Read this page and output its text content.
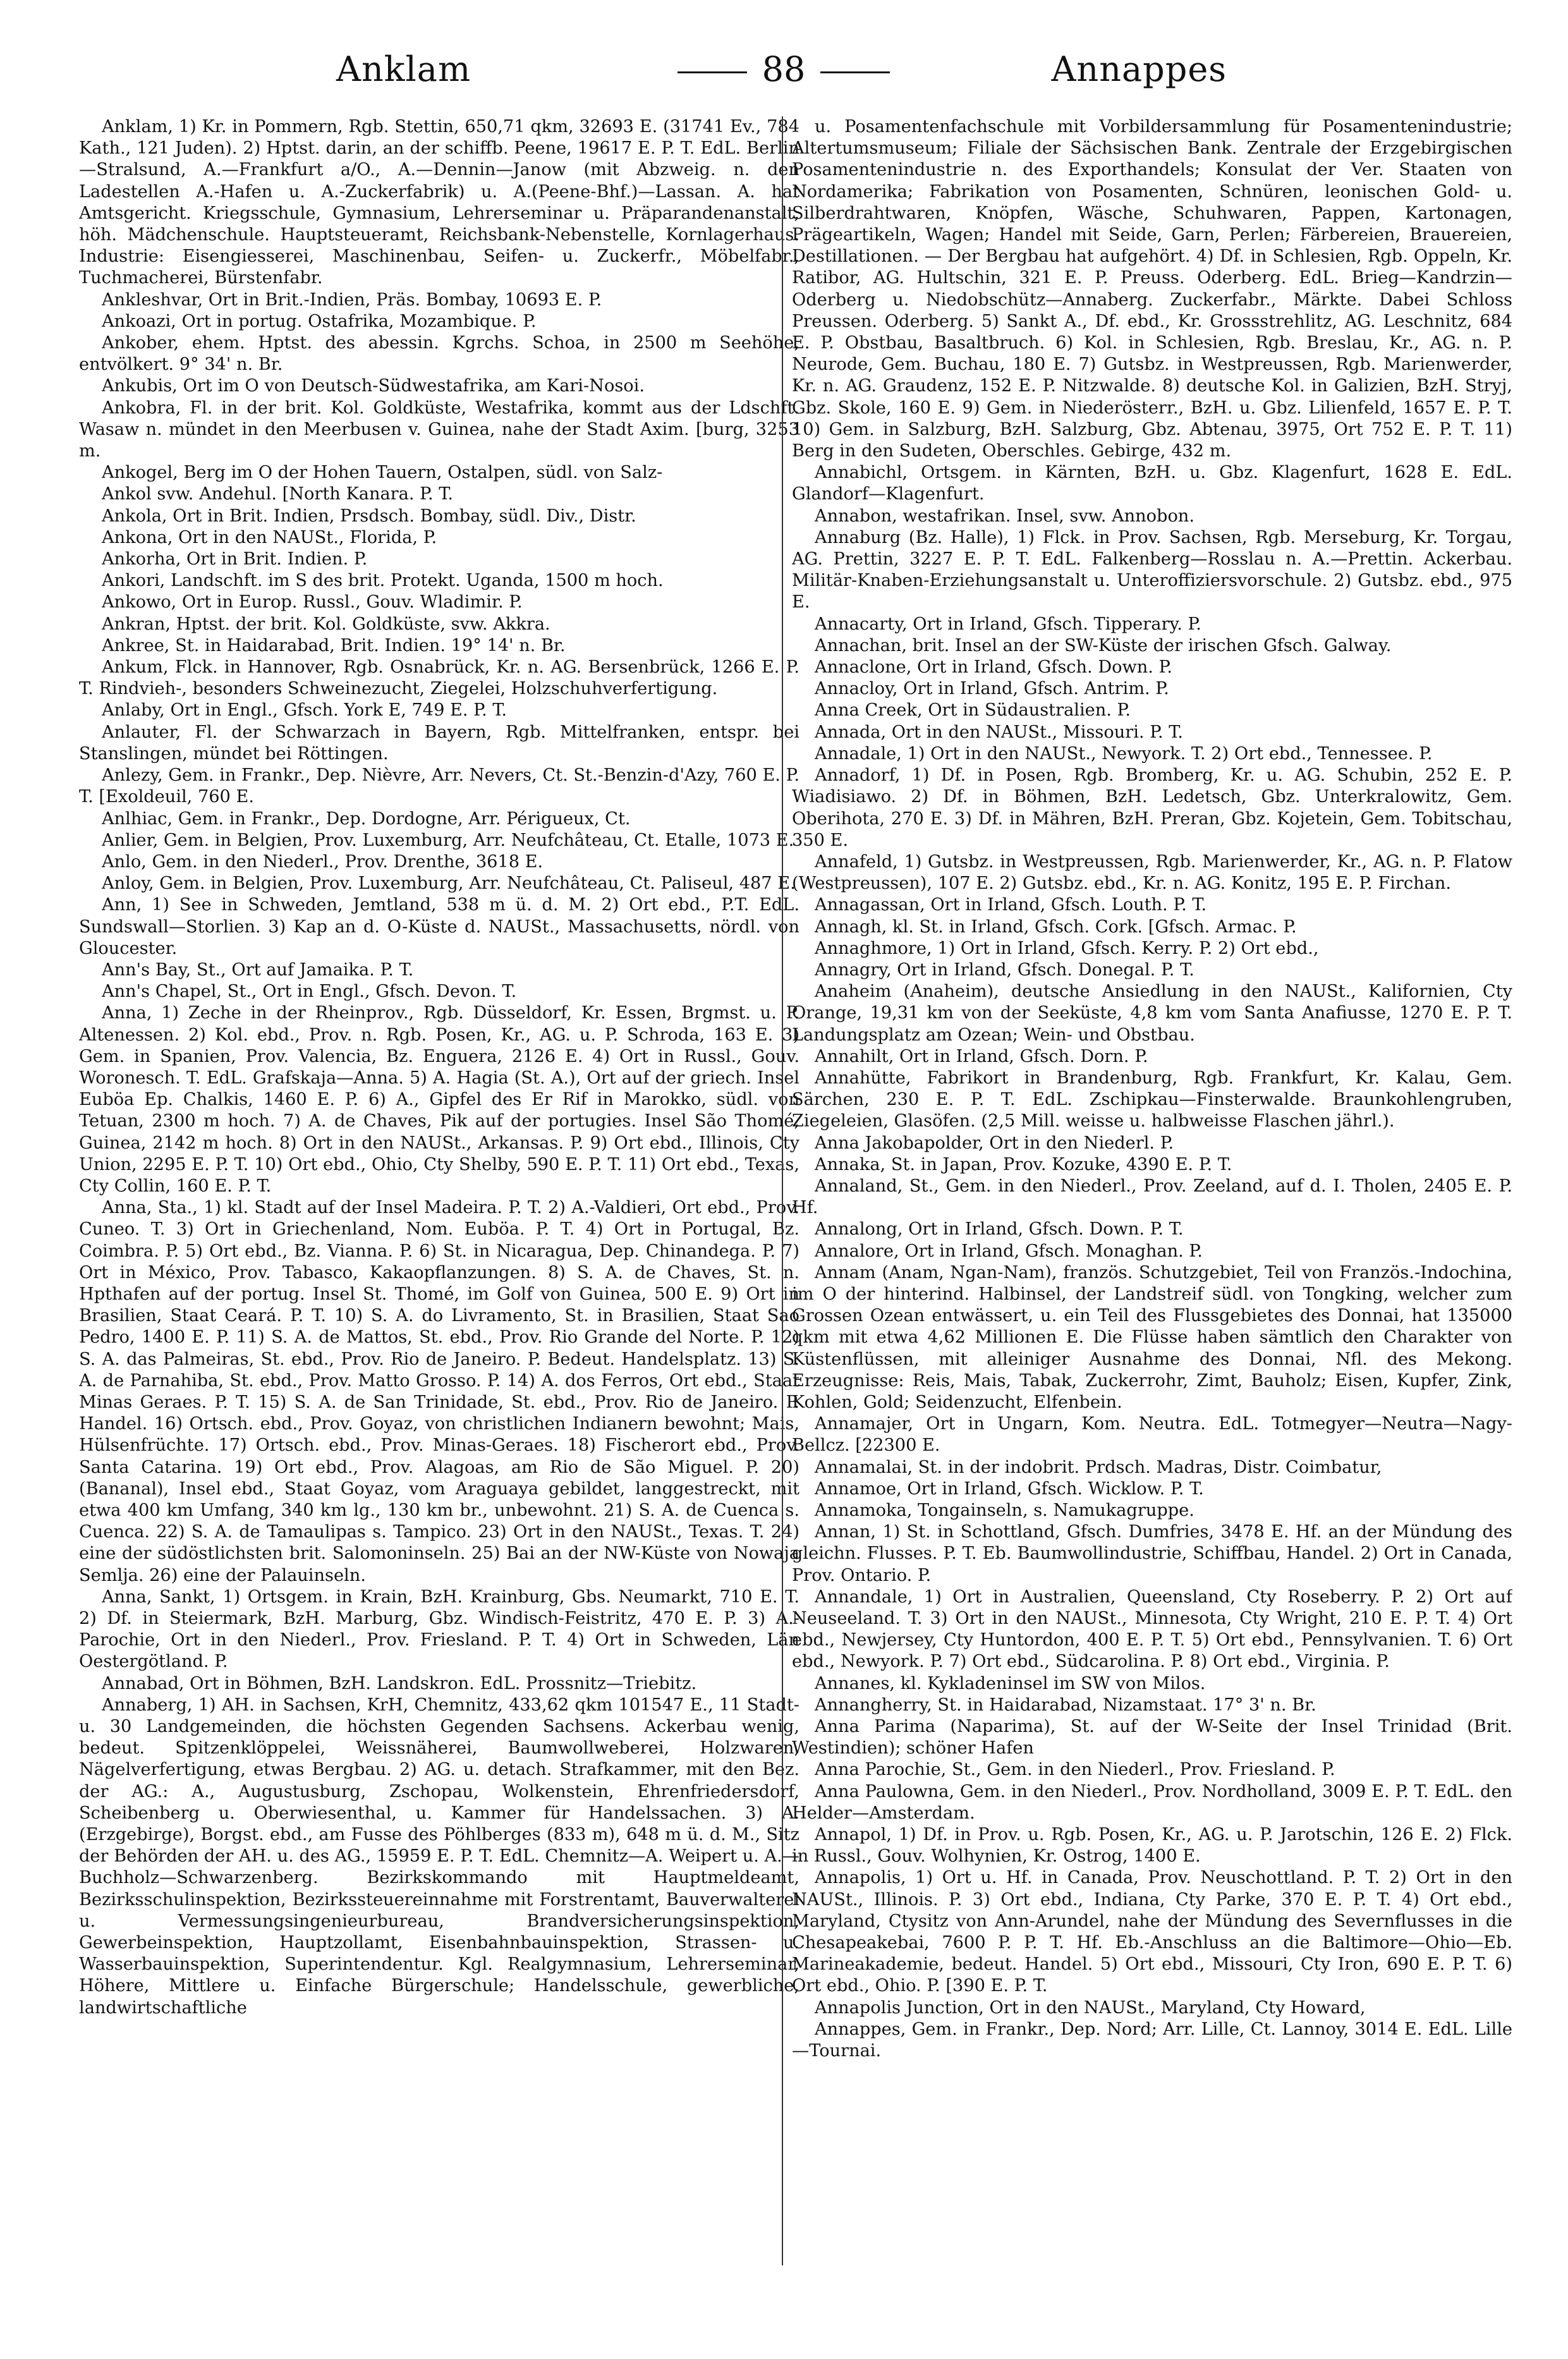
Anklam	88	Annappes

Anklam, 1) Kr. in Pommern, Rgb. Stettin, 650,71 qkm, 32693 E. (31741 Ev., 784 Kath., 121 Juden). 2) Hptst. darin, an der schiffb. Peene, 19617 E. P. T. EdL. Berlin—Stralsund, A.—Frankfurt a/O., A.—Dennin—Janow (mit Abzweig. n. den Ladestellen A.-Hafen u. A.-Zuckerfabrik) u. A.(Peene-Bhf.)—Lassan. A. hat Amtsgericht. Kriegsschule, Gymnasium, Lehrerseminar u. Präparandenanstalt, höh. Mädchenschule. Hauptsteueramt, Reichsbank-Nebenstelle, Kornlagerhaus. Industrie: Eisengiesserei, Maschinenbau, Seifen- u. Zuckerfr., Möbelfabr., Tuchmacherei, Bürstenfabr.

Ankleshvar, Ort in Brit.-Indien, Präs. Bombay, 10693 E. P.

Ankoazi, Ort in portug. Ostafrika, Mozambique. P.

Ankober, ehem. Hptst. des abessin. Kgrchs. Schoa, in 2500 m Seehöhe, entvölkert. 9° 34' n. Br.

Ankubis, Ort im O von Deutsch-Südwestafrika, am Kari-Nosoi.

Ankobra, Fl. in der brit. Kol. Goldküste, Westafrika, kommt aus der Ldschft. Wasaw n. mündet in den Meerbusen v. Guinea, nahe der Stadt Axim. [burg, 3253 m.

Ankogel, Berg im O der Hohen Tauern, Ostalpen, südl. von Salz-

Ankol svw. Andehul. [North Kanara. P. T.

Ankola, Ort in Brit. Indien, Prsdsch. Bombay, südl. Div., Distr.

Ankona, Ort in den NAUSt., Florida, P.

Ankorha, Ort in Brit. Indien. P.

Ankori, Landschft. im S des brit. Protekt. Uganda, 1500 m hoch.

Ankowo, Ort in Europ. Russl., Gouv. Wladimir. P.

Ankran, Hptst. der brit. Kol. Goldküste, svw. Akkra.

Ankree, St. in Haidarabad, Brit. Indien. 19° 14' n. Br.

Ankum, Flck. in Hannover, Rgb. Osnabrück, Kr. n. AG. Bersenbrück, 1266 E. P. T. Rindvieh-, besonders Schweinezucht, Ziegelei, Holzschuhverfertigung.

Anlaby, Ort in Engl., Gfsch. York E, 749 E. P. T.

Anlauter, Fl. der Schwarzach in Bayern, Rgb. Mittelfranken, entspr. bei Stanslingen, mündet bei Röttingen.

Anlezy, Gem. in Frankr., Dep. Nièvre, Arr. Nevers, Ct. St.-Benzin-d'Azy, 760 E. P. T. [Exoldeuil, 760 E.

Anlhiac, Gem. in Frankr., Dep. Dordogne, Arr. Périgueux, Ct.

Anlier, Gem. in Belgien, Prov. Luxemburg, Arr. Neufchâteau, Ct. Etalle, 1073 E.

Anlo, Gem. in den Niederl., Prov. Drenthe, 3618 E.

Anloy, Gem. in Belgien, Prov. Luxemburg, Arr. Neufchâteau, Ct. Paliseul, 487 E.

Ann, 1) See in Schweden, Jemtland, 538 m ü. d. M. 2) Ort ebd., P.T. EdL. Sundswall—Storlien. 3) Kap an d. O-Küste d. NAUSt., Massachusetts, nördl. von Gloucester.

Ann's Bay, St., Ort auf Jamaika. P. T.

Ann's Chapel, St., Ort in Engl., Gfsch. Devon. T.

Anna, 1) Zeche in der Rheinprov., Rgb. Düsseldorf, Kr. Essen, Brgmst. u. P. Altenessen. 2) Kol. ebd., Prov. n. Rgb. Posen, Kr., AG. u. P. Schroda, 163 E. 3) Gem. in Spanien, Prov. Valencia, Bz. Enguera, 2126 E. 4) Ort in Russl., Gouv. Woronesch. T. EdL. Grafskaja—Anna. 5) A. Hagia (St. A.), Ort auf der griech. Insel Euböa Ep. Chalkis, 1460 E. P. 6) A., Gipfel des Er Rif in Marokko, südl. von Tetuan, 2300 m hoch. 7) A. de Chaves, Pik auf der portugies. Insel São Thomé, Guinea, 2142 m hoch. 8) Ort in den NAUSt., Arkansas. P. 9) Ort ebd., Illinois, Cty Union, 2295 E. P. T. 10) Ort ebd., Ohio, Cty Shelby, 590 E. P. T. 11) Ort ebd., Texas, Cty Collin, 160 E. P. T.

Anna, Sta., 1) kl. Stadt auf der Insel Madeira. P. T. 2) A.-Valdieri, Ort ebd., Prov. Cuneo. T. 3) Ort in Griechenland, Nom. Euböa. P. T. 4) Ort in Portugal, Bz. Coimbra. P. 5) Ort ebd., Bz. Vianna. P. 6) St. in Nicaragua, Dep. Chinandega. P. 7) Ort in México, Prov. Tabasco, Kakaopflanzungen. 8) S. A. de Chaves, St. n. Hpthafen auf der portug. Insel St. Thomé, im Golf von Guinea, 500 E. 9) Ort in Brasilien, Staat Ceará. P. T. 10) S. A. do Livramento, St. in Brasilien, Staat Sao Pedro, 1400 E. P. 11) S. A. de Mattos, St. ebd., Prov. Rio Grande del Norte. P. 12) S. A. das Palmeiras, St. ebd., Prov. Rio de Janeiro. P. Bedeut. Handelsplatz. 13) S. A. de Parnahiba, St. ebd., Prov. Matto Grosso. P. 14) A. dos Ferros, Ort ebd., Staat Minas Geraes. P. T. 15) S. A. de San Trinidade, St. ebd., Prov. Rio de Janeiro. P. Handel. 16) Ortsch. ebd., Prov. Goyaz, von christlichen Indianern bewohnt; Mais, Hülsenfrüchte. 17) Ortsch. ebd., Prov. Minas-Geraes. 18) Fischerort ebd., Prov. Santa Catarina. 19) Ort ebd., Prov. Alagoas, am Rio de São Miguel. P. 20) (Bananal), Insel ebd., Staat Goyaz, vom Araguaya gebildet, langgestreckt, mit etwa 400 km Umfang, 340 km lg., 130 km br., unbewohnt. 21) S. A. de Cuenca s. Cuenca. 22) S. A. de Tamaulipas s. Tampico. 23) Ort in den NAUSt., Texas. T. 24) eine der südöstlichsten brit. Salomoninseln. 25) Bai an der NW-Küste von Nowaja Semlja. 26) eine der Palauinseln.

Anna, Sankt, 1) Ortsgem. in Krain, BzH. Krainburg, Gbs. Neumarkt, 710 E. T. 2) Df. in Steiermark, BzH. Marburg, Gbz. Windisch-Feistritz, 470 E. P. 3) A.-Parochie, Ort in den Niederl., Prov. Friesland. P. T. 4) Ort in Schweden, Län Oestergötland. P.

Annabad, Ort in Böhmen, BzH. Landskron. EdL. Prossnitz—Triebitz.

Annaberg, 1) AH. in Sachsen, KrH, Chemnitz, 433,62 qkm 101547 E., 11 Stadt- u. 30 Landgemeinden, die höchsten Gegenden Sachsens. Ackerbau wenig, bedeut. Spitzenklöppelei, Weissnäherei, Baumwollweberei, Holzwaren, Nägelverfertigung, etwas Bergbau. 2) AG. u. detach. Strafkammer, mit den Bez. der AG.: A., Augustusburg, Zschopau, Wolkenstein, Ehrenfriedersdorf, Scheibenberg u. Oberwiesenthal, u. Kammer für Handelssachen. 3) A. (Erzgebirge), Borgst. ebd., am Fusse des Pöhlberges (833 m), 648 m ü. d. M., Sitz der Behörden der AH. u. des AG., 15959 E. P. T. EdL. Chemnitz—A. Weipert u. A.—Buchholz—Schwarzenberg. Bezirkskommando mit Hauptmeldeamt, Bezirksschulinspektion, Bezirkssteuereinnahme mit Forstrentamt, Bauverwalterei u. Vermessungsingenieurbureau, Brandversicherungsinspektion, Gewerbeinspektion, Hauptzollamt, Eisenbahnbauinspektion, Strassen- u. Wasserbauinspektion, Superintendentur. Kgl. Realgymnasium, Lehrerseminar, Höhere, Mittlere u. Einfache Bürgerschule; Handelsschule, gewerbliche, landwirtschaftliche

u. Posamentenfachschule mit Vorbildersammlung für Posamentenindustrie; Altertumsmuseum; Filiale der Sächsischen Bank. Zentrale der Erzgebirgischen Posamentenindustrie n. des Exporthandels; Konsulat der Ver. Staaten von Nordamerika; Fabrikation von Posamenten, Schnüren, leonischen Gold- u. Silberdrahtwaren, Knöpfen, Wäsche, Schuhwaren, Pappen, Kartonagen, Prägeartikeln, Wagen; Handel mit Seide, Garn, Perlen; Färbereien, Brauereien, Destillationen. — Der Bergbau hat aufgehört. 4) Df. in Schlesien, Rgb. Oppeln, Kr. Ratibor, AG. Hultschin, 321 E. P. Preuss. Oderberg. EdL. Brieg—Kandrzin—Oderberg u. Niedobschütz—Annaberg. Zuckerfabr., Märkte. Dabei Schloss Preussen. Oderberg. 5) Sankt A., Df. ebd., Kr. Grossstrehlitz, AG. Leschnitz, 684 E. P. Obstbau, Basaltbruch. 6) Kol. in Schlesien, Rgb. Breslau, Kr., AG. n. P. Neurode, Gem. Buchau, 180 E. 7) Gutsbz. in Westpreussen, Rgb. Marienwerder, Kr. n. AG. Graudenz, 152 E. P. Nitzwalde. 8) deutsche Kol. in Galizien, BzH. Stryj, Gbz. Skole, 160 E. 9) Gem. in Niederösterr., BzH. u. Gbz. Lilienfeld, 1657 E. P. T. 10) Gem. in Salzburg, BzH. Salzburg, Gbz. Abtenau, 3975, Ort 752 E. P. T. 11) Berg in den Sudeten, Oberschles. Gebirge, 432 m.

Annabichl, Ortsgem. in Kärnten, BzH. u. Gbz. Klagenfurt, 1628 E. EdL. Glandorf—Klagenfurt.

Annabon, westafrikan. Insel, svw. Annobon.

Annaburg (Bz. Halle), 1) Flck. in Prov. Sachsen, Rgb. Merseburg, Kr. Torgau, AG. Prettin, 3227 E. P. T. EdL. Falkenberg—Rosslau n. A.—Prettin. Ackerbau. Militär-Knaben-Erziehungsanstalt u. Unteroffiziersvorschule. 2) Gutsbz. ebd., 975 E.

Annacarty, Ort in Irland, Gfsch. Tipperary. P.

Annachan, brit. Insel an der SW-Küste der irischen Gfsch. Galway.

Annaclone, Ort in Irland, Gfsch. Down. P.

Annacloy, Ort in Irland, Gfsch. Antrim. P.

Anna Creek, Ort in Südaustralien. P.

Annada, Ort in den NAUSt., Missouri. P. T.

Annadale, 1) Ort in den NAUSt., Newyork. T. 2) Ort ebd., Tennessee. P.

Annadorf, 1) Df. in Posen, Rgb. Bromberg, Kr. u. AG. Schubin, 252 E. P. Wiadisiawo. 2) Df. in Böhmen, BzH. Ledetsch, Gbz. Unterkralowitz, Gem. Oberihota, 270 E. 3) Df. in Mähren, BzH. Preran, Gbz. Kojetein, Gem. Tobitschau, 350 E.

Annafeld, 1) Gutsbz. in Westpreussen, Rgb. Marienwerder, Kr., AG. n. P. Flatow (Westpreussen), 107 E. 2) Gutsbz. ebd., Kr. n. AG. Konitz, 195 E. P. Firchan.

Annagassan, Ort in Irland, Gfsch. Louth. P. T.

Annagh, kl. St. in Irland, Gfsch. Cork. [Gfsch. Armac. P.

Annaghmore, 1) Ort in Irland, Gfsch. Kerry. P. 2) Ort ebd.,

Annagry, Ort in Irland, Gfsch. Donegal. P. T.

Anaheim (Anaheim), deutsche Ansiedlung in den NAUSt., Kalifornien, Cty Orange, 19,31 km von der Seeküste, 4,8 km vom Santa Anafiusse, 1270 E. P. T. Landungsplatz am Ozean; Wein- und Obstbau.

Annahilt, Ort in Irland, Gfsch. Dorn. P.

Annahütte, Fabrikort in Brandenburg, Rgb. Frankfurt, Kr. Kalau, Gem. Särchen, 230 E. P. T. EdL. Zschipkau—Finsterwalde. Braunkohlengruben, Ziegeleien, Glasöfen. (2,5 Mill. weisse u. halbweisse Flaschen jährl.).

Anna Jakobapolder, Ort in den Niederl. P.

Annaka, St. in Japan, Prov. Kozuke, 4390 E. P. T.

Annaland, St., Gem. in den Niederl., Prov. Zeeland, auf d. I. Tholen, 2405 E. P. Hf.

Annalong, Ort in Irland, Gfsch. Down. P. T.

Annalore, Ort in Irland, Gfsch. Monaghan. P.

Annam (Anam, Ngan-Nam), französ. Schutzgebiet, Teil von Französ.-Indochina, im O der hinterind. Halbinsel, der Landstreif südl. von Tongking, welcher zum Grossen Ozean entwässert, u. ein Teil des Flussgebietes des Donnai, hat 135000 qkm mit etwa 4,62 Millionen E. Die Flüsse haben sämtlich den Charakter von Küstenflüssen, mit alleiniger Ausnahme des Donnai, Nfl. des Mekong. Erzeugnisse: Reis, Mais, Tabak, Zuckerrohr, Zimt, Bauholz; Eisen, Kupfer, Zink, Kohlen, Gold; Seidenzucht, Elfenbein.

Annamajer, Ort in Ungarn, Kom. Neutra. EdL. Totmegyer—Neutra—Nagy-Bellcz. [22300 E.

Annamalai, St. in der indobrit. Prdsch. Madras, Distr. Coimbatur,

Annamoe, Ort in Irland, Gfsch. Wicklow. P. T.

Annamoka, Tongainseln, s. Namukagruppe.

Annan, 1) St. in Schottland, Gfsch. Dumfries, 3478 E. Hf. an der Mündung des gleichn. Flusses. P. T. Eb. Baumwollindustrie, Schiffbau, Handel. 2) Ort in Canada, Prov. Ontario. P.

Annandale, 1) Ort in Australien, Queensland, Cty Roseberry. P. 2) Ort auf Neuseeland. T. 3) Ort in den NAUSt., Minnesota, Cty Wright, 210 E. P. T. 4) Ort ebd., Newjersey, Cty Huntordon, 400 E. P. T. 5) Ort ebd., Pennsylvanien. T. 6) Ort ebd., Newyork. P. 7) Ort ebd., Südcarolina. P. 8) Ort ebd., Virginia. P.

Annanes, kl. Kykladeninsel im SW von Milos.

Annangherry, St. in Haidarabad, Nizamstaat. 17° 3' n. Br.

Anna Parima (Naparima), St. auf der W-Seite der Insel Trinidad (Brit. Westindien); schöner Hafen

Anna Parochie, St., Gem. in den Niederl., Prov. Friesland. P.

Anna Paulowna, Gem. in den Niederl., Prov. Nordholland, 3009 E. P. T. EdL. den Helder—Amsterdam.

Annapol, 1) Df. in Prov. u. Rgb. Posen, Kr., AG. u. P. Jarotschin, 126 E. 2) Flck. in Russl., Gouv. Wolhynien, Kr. Ostrog, 1400 E.

Annapolis, 1) Ort u. Hf. in Canada, Prov. Neuschottland. P. T. 2) Ort in den NAUSt., Illinois. P. 3) Ort ebd., Indiana, Cty Parke, 370 E. P. T. 4) Ort ebd., Maryland, Ctysitz von Ann-Arundel, nahe der Mündung des Severnflusses in die Chesapeakebai, 7600 P. P. T. Hf. Eb.-Anschluss an die Baltimore—Ohio—Eb. Marineakademie, bedeut. Handel. 5) Ort ebd., Missouri, Cty Iron, 690 E. P. T. 6) Ort ebd., Ohio. P. [390 E. P. T.

Annapolis Junction, Ort in den NAUSt., Maryland, Cty Howard,

Annappes, Gem. in Frankr., Dep. Nord; Arr. Lille, Ct. Lannoy, 3014 E. EdL. Lille—Tournai.
